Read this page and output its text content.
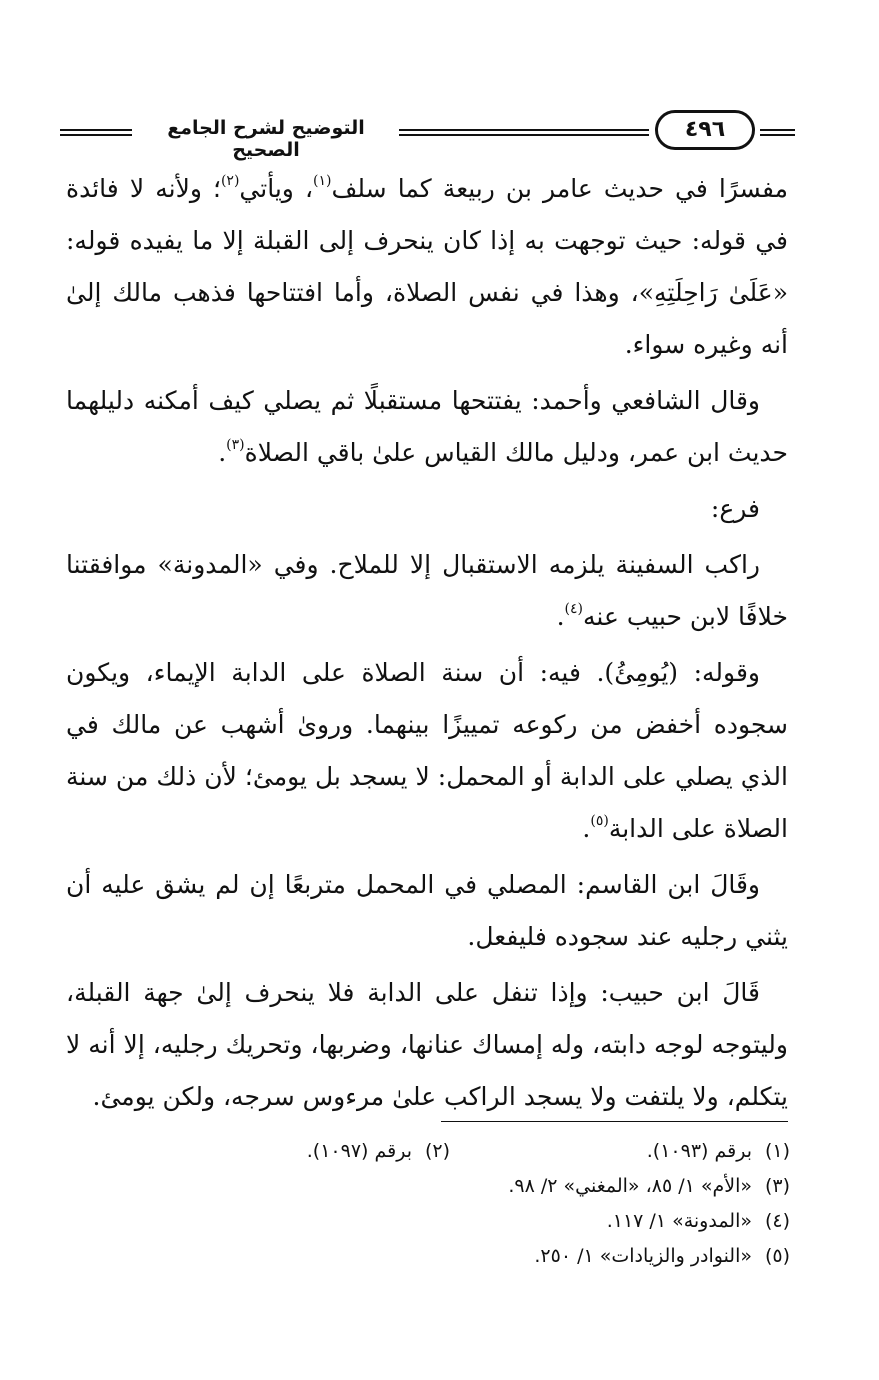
التوضيح لشرح الجامع الصحيح
٤٩٦

مفسرًا في حديث عامر بن ربيعة كما سلف$^{(١)}$، ويأتي$^{(٢)}$؛ ولأنه لا فائدة في قوله: حيث توجهت به إذا كان ينحرف إلى القبلة إلا ما يفيده قوله: «عَلَىٰ رَاحِلَتِهِ»، وهذا في نفس الصلاة، وأما افتتاحها فذهب مالك إلىٰ أنه وغيره سواء.

وقال الشافعي وأحمد: يفتتحها مستقبلًا ثم يصلي كيف أمكنه دليلهما حديث ابن عمر، ودليل مالك القياس علىٰ باقي الصلاة$^{(٣)}$.

فرع:

راكب السفينة يلزمه الاستقبال إلا للملاح. وفي «المدونة» موافقتنا خلافًا لابن حبيب عنه$^{(٤)}$.

وقوله: (يُومِئُ). فيه: أن سنة الصلاة على الدابة الإيماء، ويكون سجوده أخفض من ركوعه تمييزًا بينهما. وروىٰ أشهب عن مالك في الذي يصلي على الدابة أو المحمل: لا يسجد بل يومئ؛ لأن ذلك من سنة الصلاة على الدابة$^{(٥)}$.

وقَالَ ابن القاسم: المصلي في المحمل متربعًا إن لم يشق عليه أن يثني رجليه عند سجوده فليفعل.

قَالَ ابن حبيب: وإذا تنفل على الدابة فلا ينحرف إلىٰ جهة القبلة، وليتوجه لوجه دابته، وله إمساك عنانها، وضربها، وتحريك رجليه، إلا أنه لا يتكلم، ولا يلتفت ولا يسجد الراكب علىٰ مرءوس سرجه، ولكن يومئ.

(١)برقم (١٠٩٣).
(٢)برقم (١٠٩٧).
(٣)«الأم» ١/ ٨٥، «المغني» ٢/ ٩٨.
(٤)«المدونة» ١/ ١١٧.
(٥)«النوادر والزيادات» ١/ ٢٥٠.
